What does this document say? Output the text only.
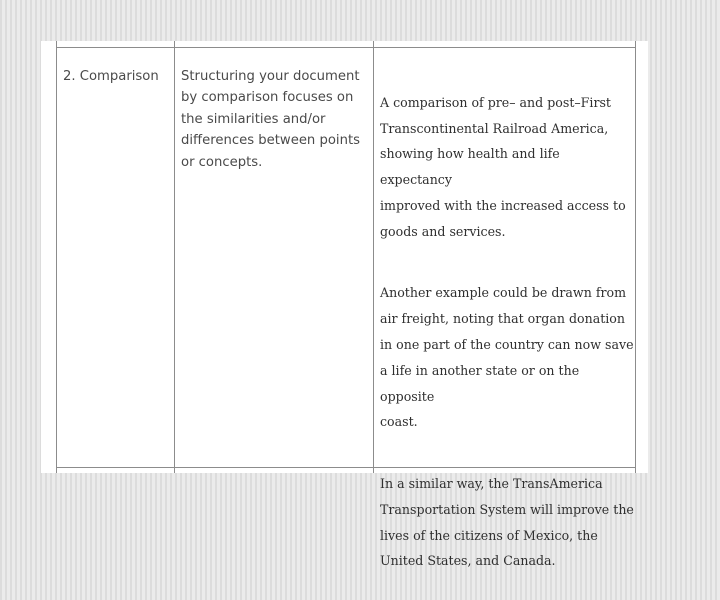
2. Comparison	Structuring your document
by comparison focuses on
the similarities and/or
differences between points
or concepts.

A comparison of pre– and post–First
Transcontinental Railroad America,
showing how health and life expectancy
improved with the increased access to
goods and services.

Another example could be drawn from
air freight, noting that organ donation
in one part of the country can now save
a life in another state or on the opposite
coast.

In a similar way, the TransAmerica
Transportation System will improve the
lives of the citizens of Mexico, the
United States, and Canada.
